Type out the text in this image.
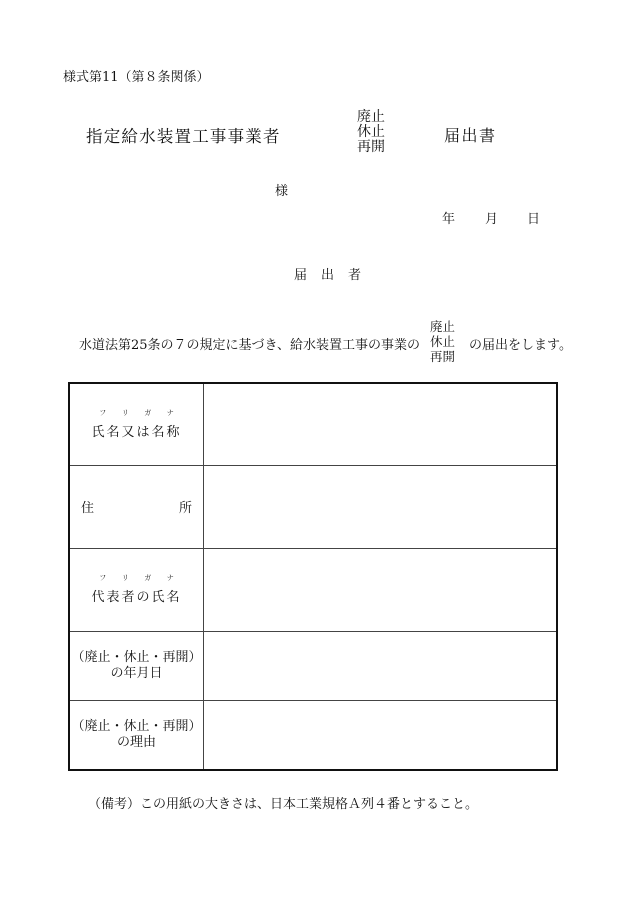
様式第11（第８条関係）
指定給水装置工事事業者
廃止
休止
再開
届出書
様
年 月 日
届 出 者
水道法第25条の７の規定に基づき、給水装置工事の事業の
廃止
休止
再開
の届出をします。
フ リ ガ ナ
氏名又は名称	

住 所	

フ リ ガ ナ
代表者の氏名	

（廃止・休止・再開）
の年月日	

（廃止・休止・再開）
の理由	

（備考）この用紙の大きさは、日本工業規格Ａ列４番とすること。
